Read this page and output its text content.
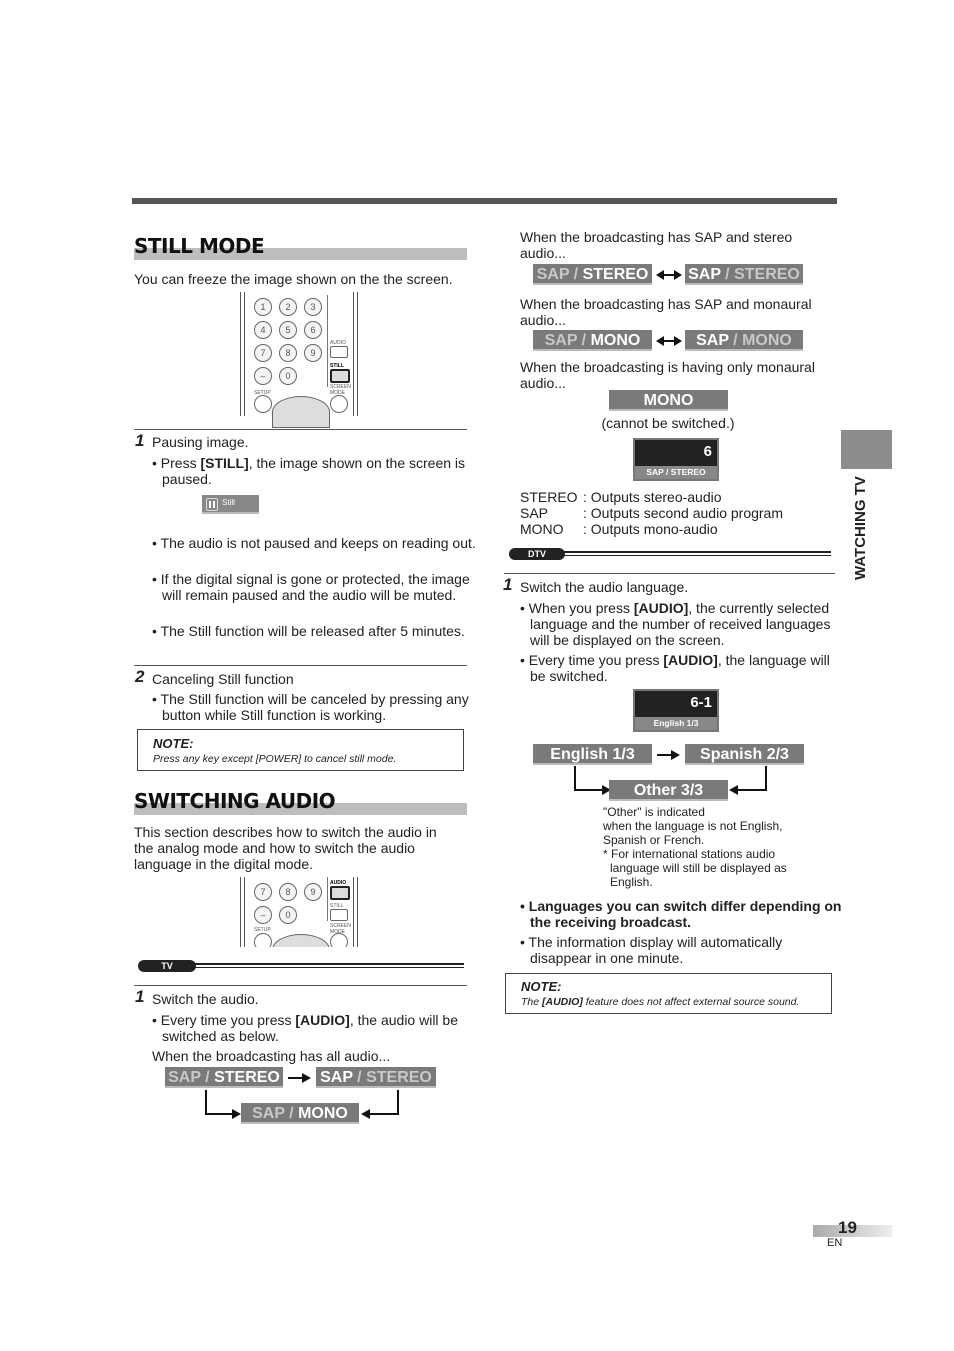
STILL MODE
You can freeze the image shown on the the screen.
1	2	3
4	5	6
7	8	9
–	0
AUDIO
STILL
SETUP
SCREEN MODE
1 Pausing image.
• Press [STILL], the image shown on the screen is paused.
Still
• The audio is not paused and keeps on reading out.
• If the digital signal is gone or protected, the image will remain paused and the audio will be muted.
• The Still function will be released after 5 minutes.
2 Canceling Still function
• The Still function will be canceled by pressing any button while Still function is working.
NOTE:
Press any key except [POWER] to cancel still mode.
SWITCHING AUDIO
This section describes how to switch the audio in the analog mode and how to switch the audio language in the digital mode.
7	8	9
–	0
AUDIO
STILL
SETUP
SCREEN MODE
TV
1 Switch the audio.
• Every time you press [AUDIO], the audio will be switched as below.
When the broadcasting has all audio...
SAP / STEREO	SAP / STEREO
SAP / MONO
When the broadcasting has SAP and stereo audio...
SAP / STEREO SAP / STEREO
When the broadcasting has SAP and monaural audio...
SAP / MONO	SAP / MONO
When the broadcasting is having only monaural audio...
MONO
(cannot be switched.)
6
SAP / STEREO
STEREO : Outputs stereo-audio
SAP	: Outputs second audio program
MONO	: Outputs mono-audio
DTV
1 Switch the audio language.
• When you press [AUDIO], the currently selected language and the number of received languages will be displayed on the screen.
• Every time you press [AUDIO], the language will be switched.
6-1
English 1/3
English 1/3	Spanish 2/3
Other 3/3
"Other" is indicated
when the language is not English,
Spanish or French.
* For international stations audio
language will still be displayed as
English.
• Languages you can switch differ depending on the receiving broadcast.
• The information display will automatically disappear in one minute.
NOTE:
The [AUDIO] feature does not affect external source sound.
WATCHING TV
19
EN
